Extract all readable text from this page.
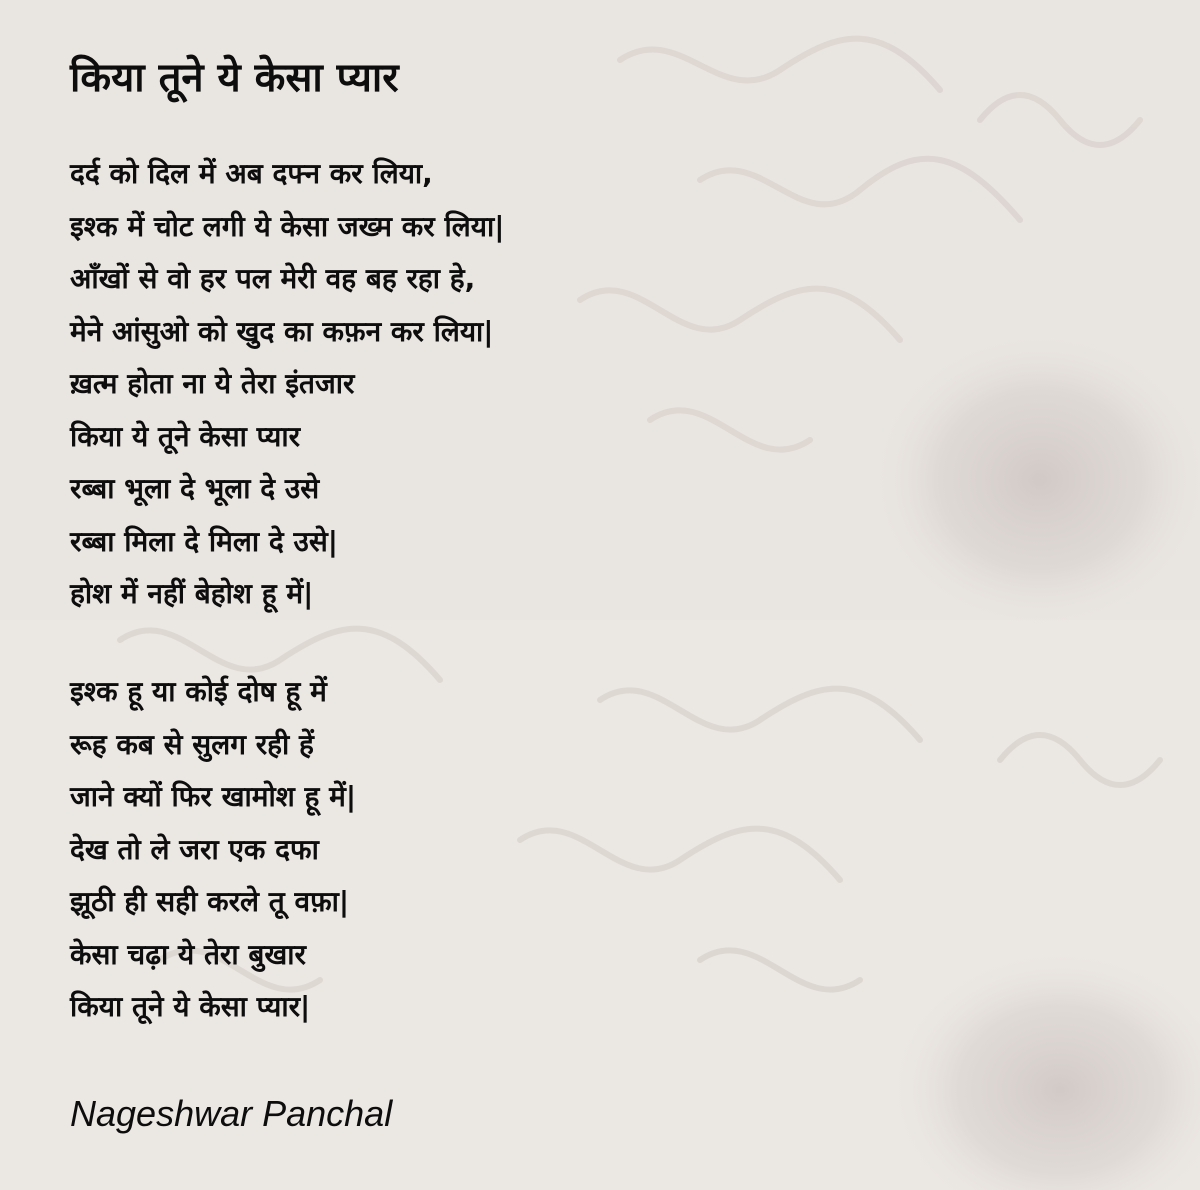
किया तूने ये केसा प्यार
दर्द को दिल में अब दफ्न कर लिया,
इश्क में चोट लगी ये केसा जख्म कर लिया|
आँखों से वो हर पल मेरी वह बह रहा हे,
मेने आंसुओ को खुद का कफ़न कर लिया|
ख़त्म होता ना ये तेरा इंतजार
किया ये तूने केसा प्यार
रब्बा भूला दे भूला दे उसे
रब्बा मिला दे मिला दे उसे|
होश में नहीं बेहोश हू में|
इश्क हू या कोई दोष हू में
रूह कब से सुलग रही हें
जाने क्यों फिर खामोश हू में|
देख तो ले जरा एक दफा
झूठी ही सही करले तू वफ़ा|
केसा चढ़ा ये तेरा बुखार
किया तूने ये केसा प्यार|
Nageshwar Panchal
